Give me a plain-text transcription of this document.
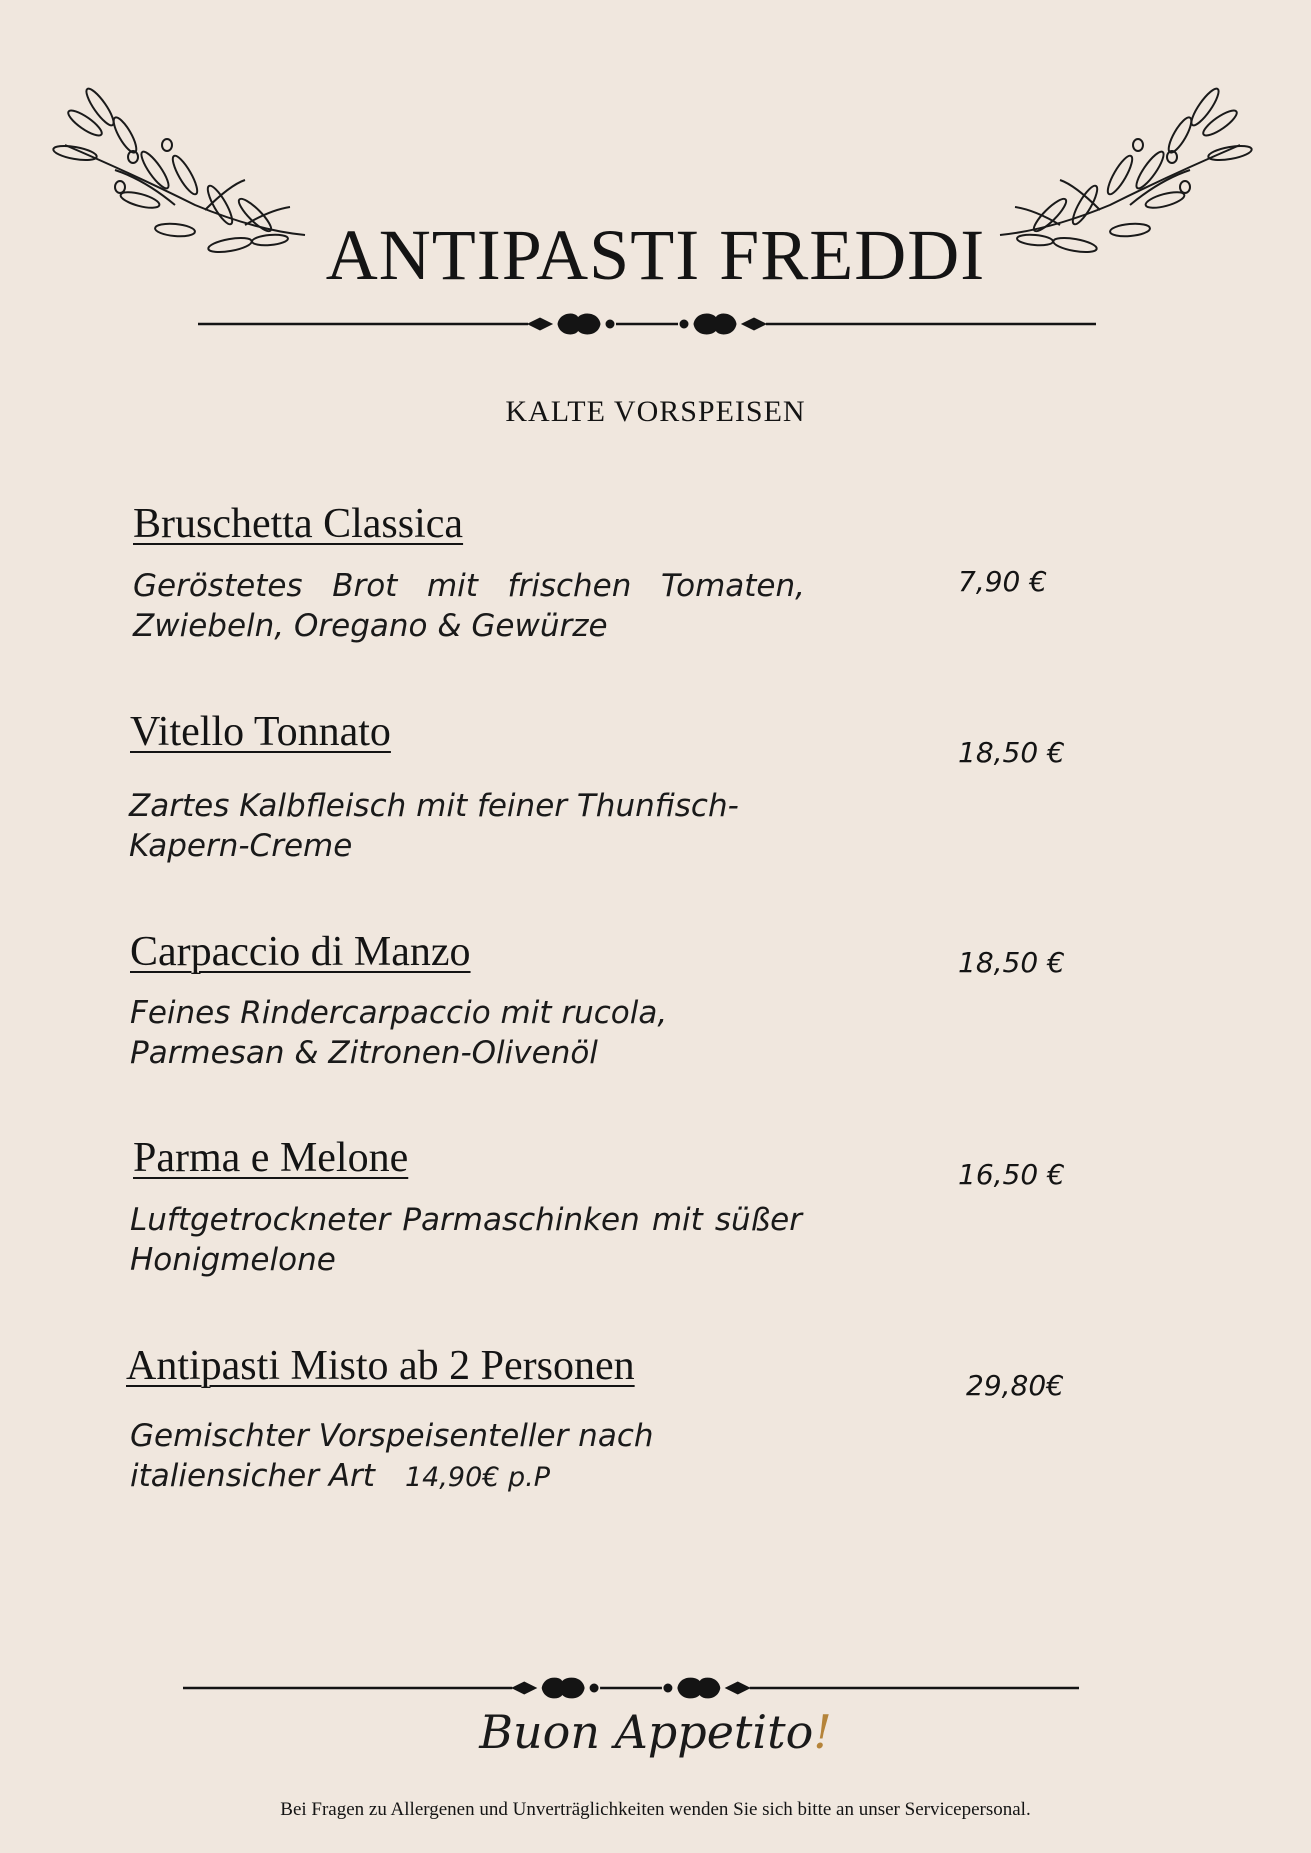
ANTIPASTI FREDDI
KALTE VORSPEISEN
Bruschetta Classica
Geröstetes Brot mit frischen Tomaten, Zwiebeln, Oregano & Gewürze
7,90 €
Vitello Tonnato
Zartes Kalbfleisch mit feiner Thunfisch-Kapern-Creme
18,50 €
Carpaccio di Manzo
Feines Rindercarpaccio mit rucola, Parmesan & Zitronen-Olivenöl
18,50 €
Parma e Melone
Luftgetrockneter Parmaschinken mit süßer Honigmelone
16,50 €
Antipasti Misto ab 2 Personen
Gemischter Vorspeisenteller nach italiensicher Art 14,90€ p.P
29,80€
Buon Appetito!
Bei Fragen zu Allergenen und Unverträglichkeiten wenden Sie sich bitte an unser Servicepersonal.
